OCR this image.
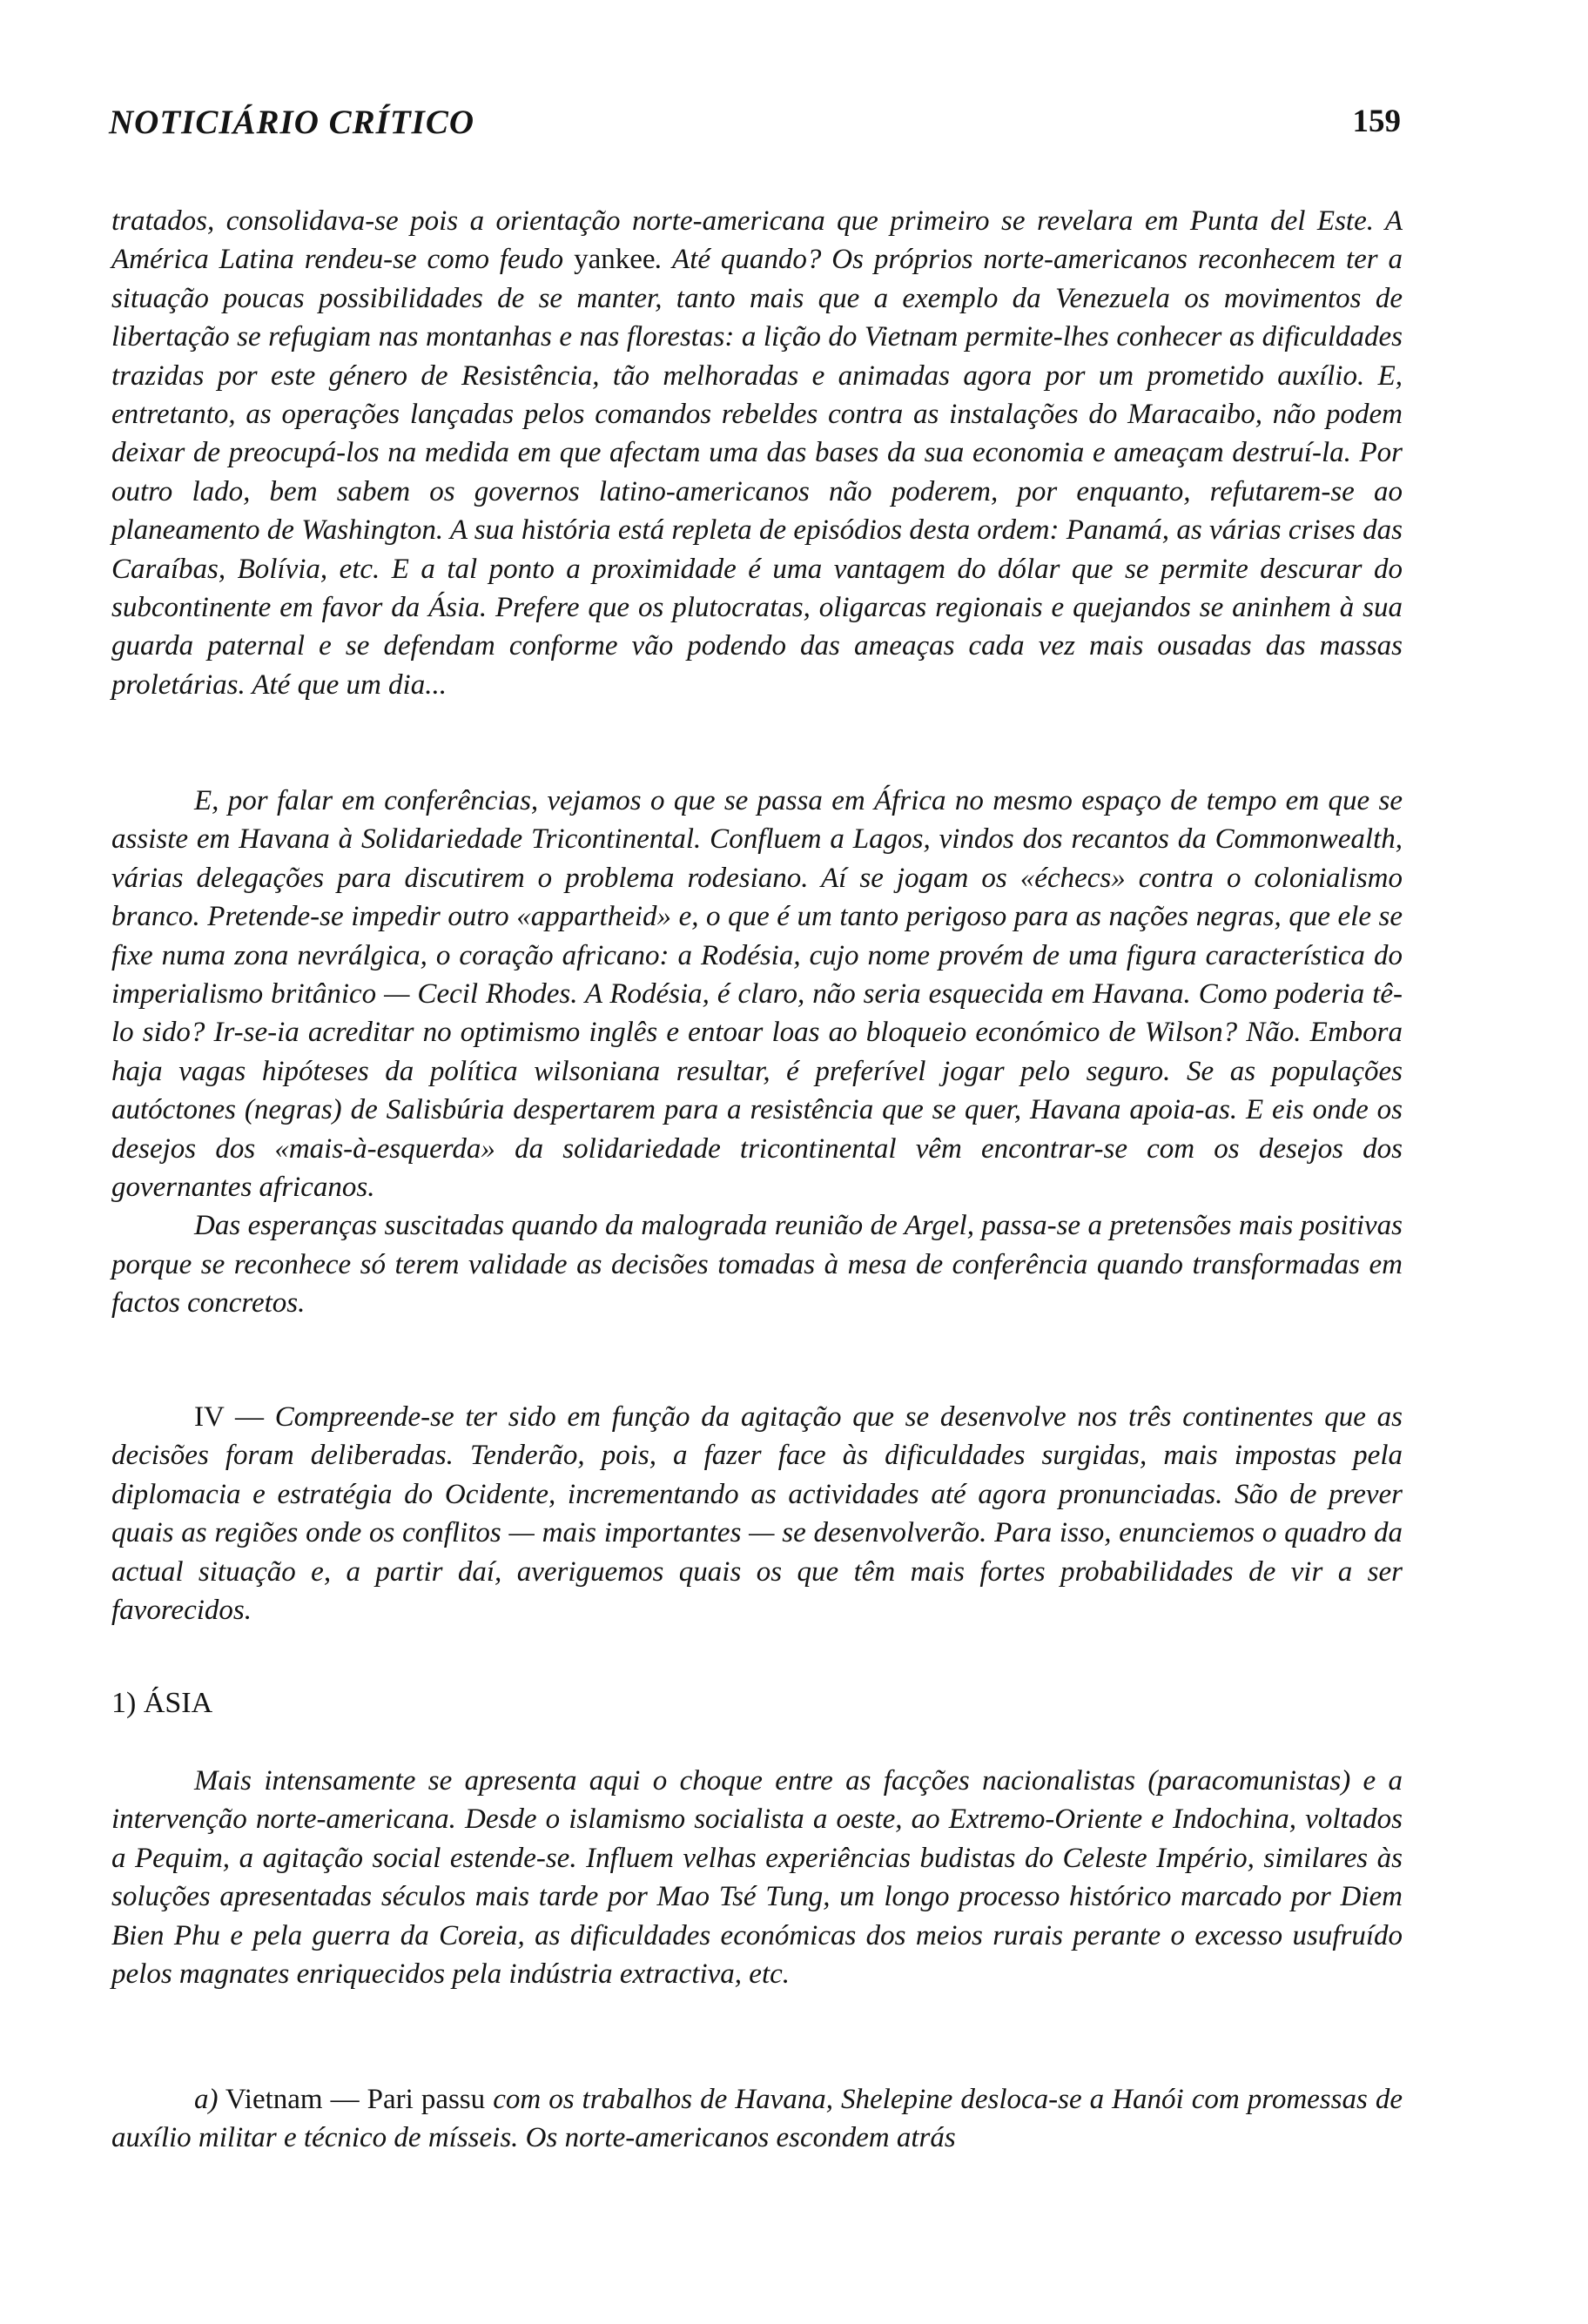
NOTICIÁRIO CRÍTICO	159

tratados, consolidava-se pois a orientação norte-americana que primeiro se revelara em Punta del Este. A América Latina rendeu-se como feudo yankee. Até quando? Os próprios norte-americanos reconhecem ter a situação poucas possibilidades de se manter, tanto mais que a exemplo da Venezuela os movimentos de libertação se refugiam nas montanhas e nas florestas: a lição do Vietnam permite-lhes conhecer as dificuldades trazidas por este género de Resistência, tão melhoradas e animadas agora por um prometido auxílio. E, entretanto, as operações lançadas pelos comandos rebeldes contra as instalações do Maracaibo, não podem deixar de preocupá-los na medida em que afectam uma das bases da sua economia e ameaçam destruí-la. Por outro lado, bem sabem os governos latino-americanos não poderem, por enquanto, refutarem-se ao planeamento de Washington. A sua história está repleta de episódios desta ordem: Panamá, as várias crises das Caraíbas, Bolívia, etc. E a tal ponto a proximidade é uma vantagem do dólar que se permite descurar do subcontinente em favor da Ásia. Prefere que os plutocratas, oligarcas regionais e quejandos se aninhem à sua guarda paternal e se defendam conforme vão podendo das ameaças cada vez mais ousadas das massas proletárias. Até que um dia...

E, por falar em conferências, vejamos o que se passa em África no mesmo espaço de tempo em que se assiste em Havana à Solidariedade Tricontinental. Confluem a Lagos, vindos dos recantos da Commonwealth, várias delegações para discutirem o problema rodesiano. Aí se jogam os «échecs» contra o colonialismo branco. Pretende-se impedir outro «appartheid» e, o que é um tanto perigoso para as nações negras, que ele se fixe numa zona nevrálgica, o coração africano: a Rodésia, cujo nome provém de uma figura característica do imperialismo britânico — Cecil Rhodes. A Rodésia, é claro, não seria esquecida em Havana. Como poderia tê-lo sido? Ir-se-ia acreditar no optimismo inglês e entoar loas ao bloqueio económico de Wilson? Não. Embora haja vagas hipóteses da política wilsoniana resultar, é preferível jogar pelo seguro. Se as populações autóctones (negras) de Salisbúria despertarem para a resistência que se quer, Havana apoia-as. E eis onde os desejos dos «mais-à-esquerda» da solidariedade tricontinental vêm encontrar-se com os desejos dos governantes africanos.

Das esperanças suscitadas quando da malograda reunião de Argel, passa-se a pretensões mais positivas porque se reconhece só terem validade as decisões tomadas à mesa de conferência quando transformadas em factos concretos.

IV — Compreende-se ter sido em função da agitação que se desenvolve nos três continentes que as decisões foram deliberadas. Tenderão, pois, a fazer face às dificuldades surgidas, mais impostas pela diplomacia e estratégia do Ocidente, incrementando as actividades até agora pronunciadas. São de prever quais as regiões onde os conflitos — mais importantes — se desenvolverão. Para isso, enunciemos o quadro da actual situação e, a partir daí, averiguemos quais os que têm mais fortes probabilidades de vir a ser favorecidos.

1) ÁSIA

Mais intensamente se apresenta aqui o choque entre as facções nacionalistas (paracomunistas) e a intervenção norte-americana. Desde o islamismo socialista a oeste, ao Extremo-Oriente e Indochina, voltados a Pequim, a agitação social estende-se. Influem velhas experiências budistas do Celeste Império, similares às soluções apresentadas séculos mais tarde por Mao Tsé Tung, um longo processo histórico marcado por Diem Bien Phu e pela guerra da Coreia, as dificuldades económicas dos meios rurais perante o excesso usufruído pelos magnates enriquecidos pela indústria extractiva, etc.

a) Vietnam — Pari passu com os trabalhos de Havana, Shelepine desloca-se a Hanói com promessas de auxílio militar e técnico de mísseis. Os norte-americanos escondem atrás
